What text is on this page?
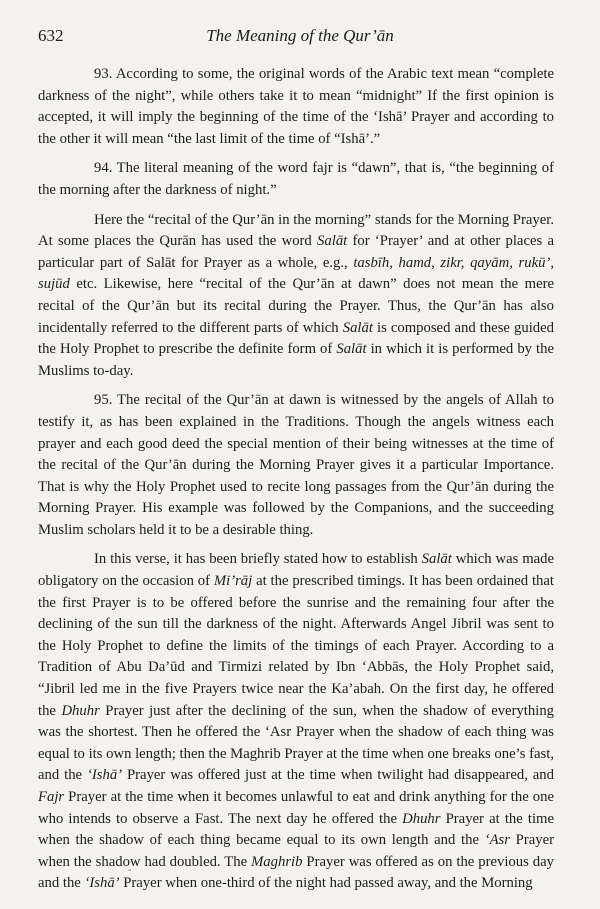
632	The Meaning of the Qur’ān

93. According to some, the original words of the Arabic text mean “complete darkness of the night”, while others take it to mean “midnight” If the first opinion is accepted, it will imply the beginning of the time of the ‘Ishā’ Prayer and according to the other it will mean “the last limit of the time of “Ishā’.”

94. The literal meaning of the word fajr is “dawn”, that is, “the beginning of the morning after the darkness of night.”

Here the “recital of the Qur’ān in the morning” stands for the Morning Prayer. At some places the Qurān has used the word Salāt for ‘Prayer’ and at other places a particular part of Salāt for Prayer as a whole, e.g., tasbīh, hamd, zikr, qayām, rukū’, sujūd etc. Likewise, here “recital of the Qur’ān at dawn” does not mean the mere recital of the Qur’ān but its recital during the Prayer. Thus, the Qur’ān has also incidentally referred to the different parts of which Salāt is composed and these guided the Holy Prophet to prescribe the definite form of Salāt in which it is performed by the Muslims to-day.

95. The recital of the Qur’ān at dawn is witnessed by the angels of Allah to testify it, as has been explained in the Traditions. Though the angels witness each prayer and each good deed the special mention of their being witnesses at the time of the recital of the Qur’ān during the Morning Prayer gives it a particular Importance. That is why the Holy Prophet used to recite long passages from the Qur’ān during the Morning Prayer. His example was followed by the Companions, and the succeeding Muslim scholars held it to be a desirable thing.

In this verse, it has been briefly stated how to establish Salāt which was made obligatory on the occasion of Mi’rāj at the prescribed timings. It has been ordained that the first Prayer is to be offered before the sunrise and the remaining four after the declining of the sun till the darkness of the night. Afterwards Angel Jibril was sent to the Holy Prophet to define the limits of the timings of each Prayer. According to a Tradition of Abu Da’ūd and Tirmizi related by Ibn ‘Abbās, the Holy Prophet said, “Jibril led me in the five Prayers twice near the Ka’abah. On the first day, he offered the Dhuhr Prayer just after the declining of the sun, when the shadow of everything was the shortest. Then he offered the ‘Asr Prayer when the shadow of each thing was equal to its own length; then the Maghrib Prayer at the time when one breaks one’s fast, and the ‘Ishā’ Prayer was offered just at the time when twilight had disappeared, and Fajr Prayer at the time when it becomes unlawful to eat and drink anything for the one who intends to observe a Fast. The next day he offered the Dhuhr Prayer at the time when the shadow of each thing became equal to its own length and the ‘Asr Prayer when the shadow had doubled. The Maghrib Prayer was offered as on the previous day and the ‘Ishā’ Prayer when one-third of the night had passed away, and the Morning

˘
